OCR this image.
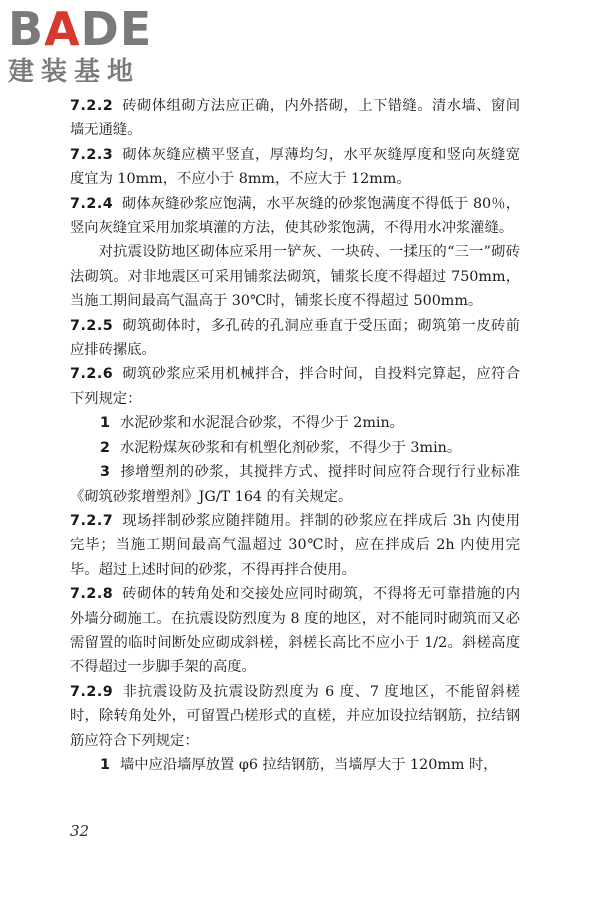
B A DE
建装基地

7.2.2 砖砌体组砌方法应正确，内外搭砌，上下错缝。清水墙、窗间墙无通缝。

7.2.3 砌体灰缝应横平竖直，厚薄均匀，水平灰缝厚度和竖向灰缝宽度宜为 10mm，不应小于 8mm，不应大于 12mm。

7.2.4 砌体灰缝砂浆应饱满，水平灰缝的砂浆饱满度不得低于 80％，竖向灰缝宜采用加浆填灌的方法，使其砂浆饱满，不得用水冲浆灌缝。

对抗震设防地区砌体应采用一铲灰、一块砖、一揉压的“三一”砌砖法砌筑。对非地震区可采用铺浆法砌筑，铺浆长度不得超过 750mm，当施工期间最高气温高于 30℃时，铺浆长度不得超过 500mm。

7.2.5 砌筑砌体时，多孔砖的孔洞应垂直于受压面；砌筑第一皮砖前应排砖摞底。

7.2.6 砌筑砂浆应采用机械拌合，拌合时间，自投料完算起，应符合下列规定：

1 水泥砂浆和水泥混合砂浆，不得少于 2min。

2 水泥粉煤灰砂浆和有机塑化剂砂浆，不得少于 3min。

3 掺增塑剂的砂浆，其搅拌方式、搅拌时间应符合现行行业标准《砌筑砂浆增塑剂》JG/T 164 的有关规定。

7.2.7 现场拌制砂浆应随拌随用。拌制的砂浆应在拌成后 3h 内使用完毕；当施工期间最高气温超过 30℃时，应在拌成后 2h 内使用完毕。超过上述时间的砂浆，不得再拌合使用。

7.2.8 砖砌体的转角处和交接处应同时砌筑，不得将无可靠措施的内外墙分砌施工。在抗震设防烈度为 8 度的地区，对不能同时砌筑而又必需留置的临时间断处应砌成斜槎，斜槎长高比不应小于 1/2。斜槎高度不得超过一步脚手架的高度。

7.2.9 非抗震设防及抗震设防烈度为 6 度、7 度地区，不能留斜槎时，除转角处外，可留置凸槎形式的直槎，并应加设拉结钢筋，拉结钢筋应符合下列规定：

1 墙中应沿墙厚放置 φ6 拉结钢筋，当墙厚大于 120mm 时，

32
